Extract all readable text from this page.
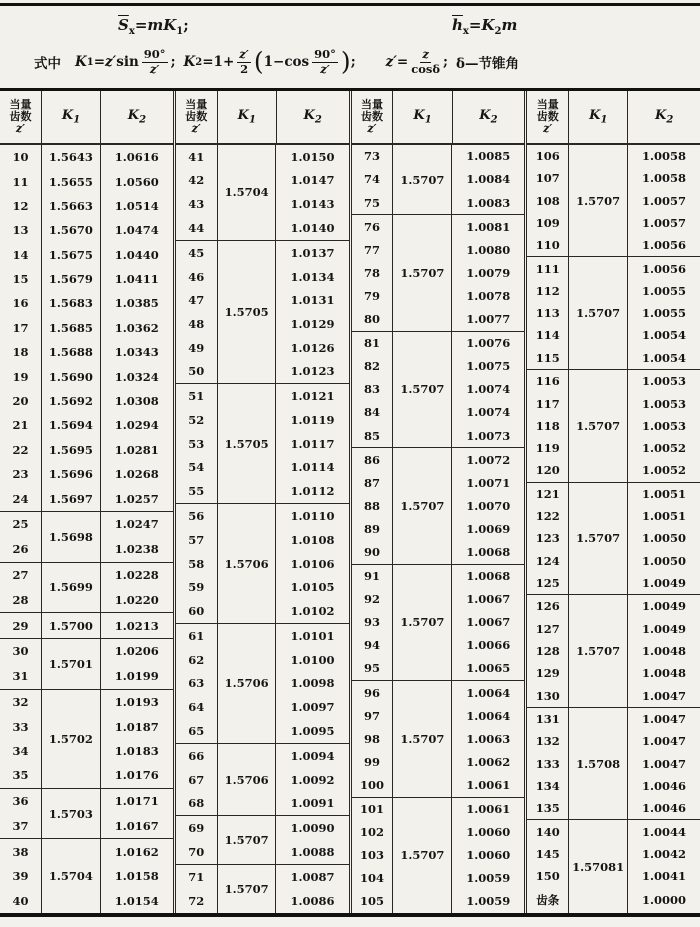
$\overline{S}_x=mK_1$;	$\overline{h}_x=K_2m$
式中 K 1 = z′ $\sin \frac{90^\circ}{z'}$ ; K $2 =1+ \frac{z'}{2}$ ( $1-\cos \frac{90^\circ}{z'}$ ) ; $z' = \frac{z}{\cos\delta}$ ; δ—节锥角
当量
齿数
z′
$K_1$	$K_2$
10	1.5643	1.0616
11	1.5655	1.0560
12	1.5663	1.0514
13	1.5670	1.0474
14	1.5675	1.0440
15	1.5679	1.0411
16	1.5683	1.0385
17	1.5685	1.0362
18	1.5688	1.0343
19	1.5690	1.0324
20	1.5692	1.0308
21	1.5694	1.0294
22	1.5695	1.0281
23	1.5696	1.0268
24	1.5697	1.0257
25	1.5698	1.0247
26		1.0238
27	1.5699	1.0228
28		1.0220
29	1.5700	1.0213
30	1.5701	1.0206
31		1.0199
32	1.5702	1.0193
33		1.0187
34		1.0183
35		1.0176
36	1.5703	1.0171
37		1.0167
38	1.5704	1.0162
39		1.0158
40		1.0154
当量
齿数
z′
$K_1$	$K_2$
41	1.5704	1.0150
42		1.0147
43		1.0143
44		1.0140
45	1.5705	1.0137
46		1.0134
47		1.0131
48		1.0129
49		1.0126
50		1.0123
51	1.5705	1.0121
52		1.0119
53		1.0117
54		1.0114
55		1.0112
56	1.5706	1.0110
57		1.0108
58		1.0106
59		1.0105
60		1.0102
61	1.5706	1.0101
62		1.0100
63		1.0098
64		1.0097
65		1.0095
66	1.5706	1.0094
67		1.0092
68		1.0091
69	1.5707	1.0090
70		1.0088
71	1.5707	1.0087
72		1.0086
当量
齿数
z′
$K_1$	$K_2$
73	1.5707	1.0085
74		1.0084
75		1.0083
76	1.5707	1.0081
77		1.0080
78		1.0079
79		1.0078
80		1.0077
81	1.5707	1.0076
82		1.0075
83		1.0074
84		1.0074
85		1.0073
86	1.5707	1.0072
87		1.0071
88		1.0070
89		1.0069
90		1.0068
91	1.5707	1.0068
92		1.0067
93		1.0067
94		1.0066
95		1.0065
96	1.5707	1.0064
97		1.0064
98		1.0063
99		1.0062
100		1.0061
101	1.5707	1.0061
102		1.0060
103		1.0060
104		1.0059
105		1.0059
当量
齿数
z′
$K_1$	$K_2$
106	1.5707	1.0058
107		1.0058
108		1.0057
109		1.0057
110		1.0056
111	1.5707	1.0056
112		1.0055
113		1.0055
114		1.0054
115		1.0054
116	1.5707	1.0053
117		1.0053
118		1.0053
119		1.0052
120		1.0052
121	1.5707	1.0051
122		1.0051
123		1.0050
124		1.0050
125		1.0049
126	1.5707	1.0049
127		1.0049
128		1.0048
129		1.0048
130		1.0047
131	1.5708	1.0047
132		1.0047
133		1.0047
134		1.0046
135		1.0046
140	1.57081	1.0044
145		1.0042
150		1.0041
齿条		1.0000
